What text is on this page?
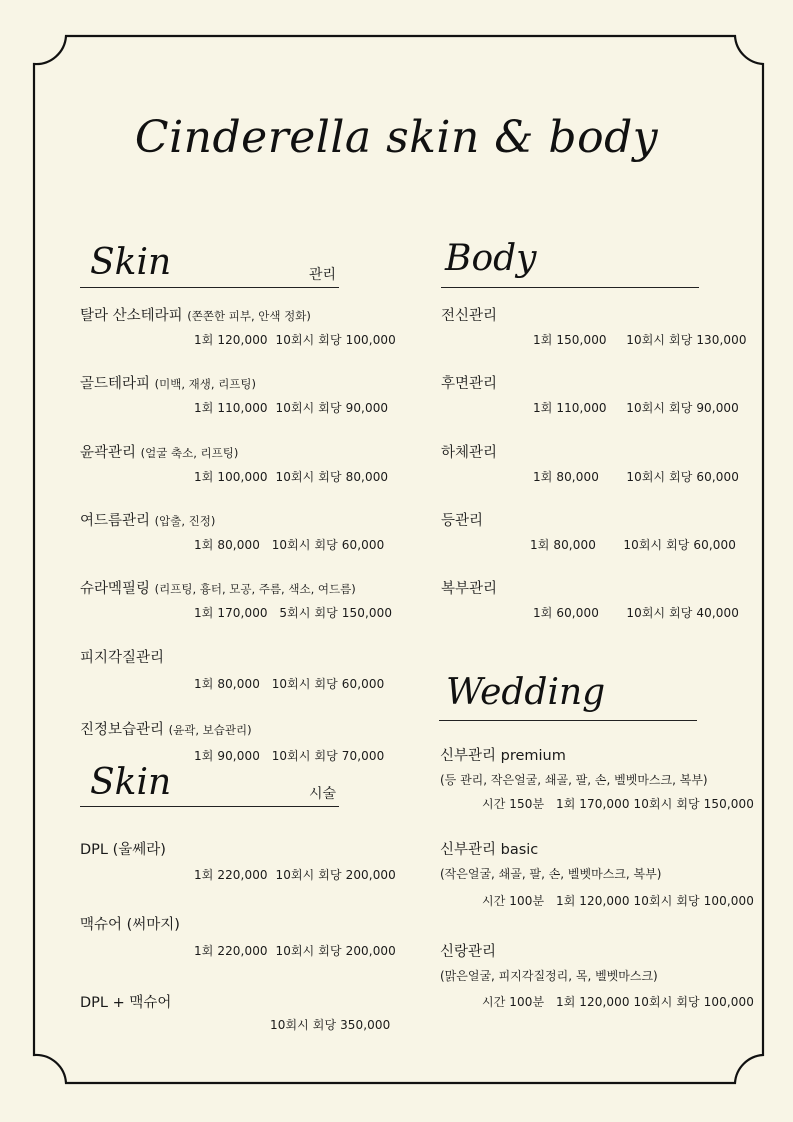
Cinderella skin & body
Skin	관리
탈라 산소테라피 (쫀쫀한 피부, 안색 정화)
1회 120,000 10회시 회당 100,000
골드테라피 (미백, 재생, 리프팅)
1회 110,000 10회시 회당 90,000
윤곽관리 (얼굴 축소, 리프팅)
1회 100,000 10회시 회당 80,000
여드름관리 (압출, 진정)
1회 80,000 10회시 회당 60,000
슈라멕필링 (리프팅, 흉터, 모공, 주름, 색소, 여드름)
1회 170,000 5회시 회당 150,000
피지각질관리
1회 80,000 10회시 회당 60,000
진정보습관리 (윤곽, 보습관리)
1회 90,000 10회시 회당 70,000
Skin	시술
DPL (울쎄라)
1회 220,000 10회시 회당 200,000
맥슈어 (써마지)
1회 220,000 10회시 회당 200,000
DPL + 맥슈어
10회시 회당 350,000
Body
전신관리
1회 150,000 10회시 회당 130,000
후면관리
1회 110,000 10회시 회당 90,000
하체관리
1회 80,000 10회시 회당 60,000
등관리
1회 80,000 10회시 회당 60,000
복부관리
1회 60,000 10회시 회당 40,000
Wedding
신부관리 premium
(등 관리, 작은얼굴, 쇄골, 팔, 손, 벨벳마스크, 복부)
시간 150분 1회 170,000 10회시 회당 150,000
신부관리 basic
(작은얼굴, 쇄골, 팔, 손, 벨벳마스크, 복부)
시간 100분 1회 120,000 10회시 회당 100,000
신랑관리
(맑은얼굴, 피지각질정리, 목, 벨벳마스크)
시간 100분 1회 120,000 10회시 회당 100,000
